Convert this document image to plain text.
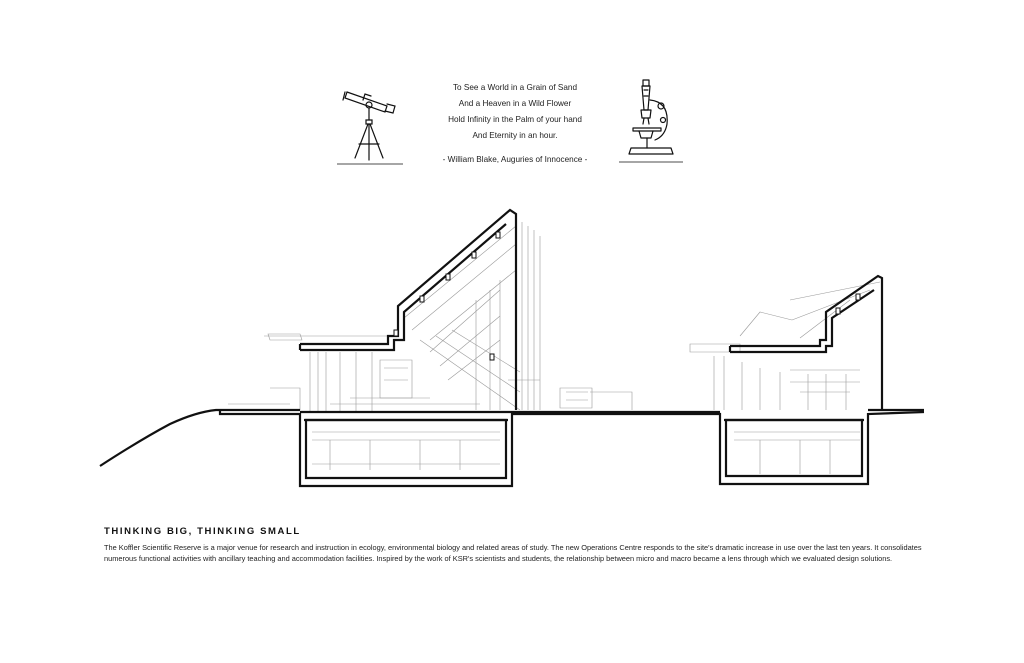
To See a World in a Grain of Sand
And a Heaven in a Wild Flower
Hold Infinity in the Palm of your hand
And Eternity in an hour.
- William Blake, Auguries of Innocence -
THINKING BIG, THINKING SMALL

The Koffler Scientific Reserve is a major venue for research and instruction in ecology, environmental biology and related areas of study. The new Operations Centre responds to the site's dramatic increase in use over the last ten years. It consolidates numerous functional activities with ancillary teaching and accommodation facilities. Inspired by the work of KSR's scientists and students, the relationship between micro and macro became a lens through which we evaluated design solutions.
